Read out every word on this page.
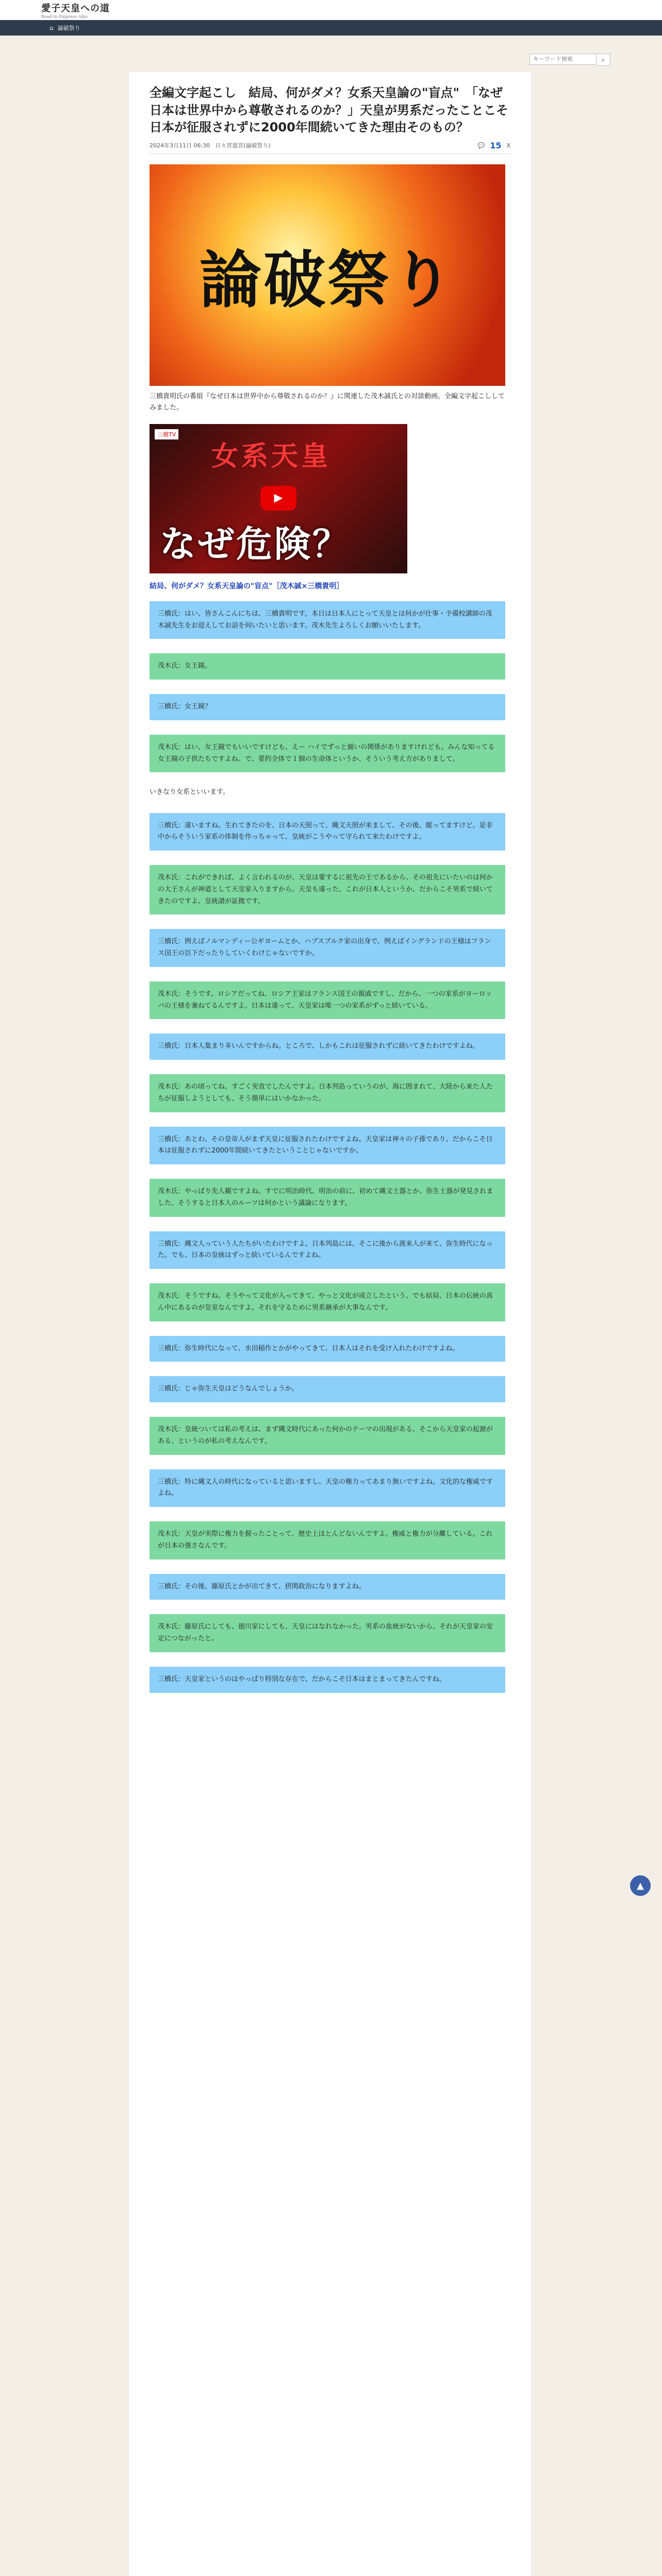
愛子天皇への道
Road to Empress Aiko
⌂ 論破祭り
キーワード検索
⌕
全編文字起こし　結局、何がダメ？女系天皇論の"盲点"　「なぜ日本は世界中から尊敬されるのか？」天皇が男系だったことこそ日本が征服されずに2000年間続いてきた理由そのもの？
2024年3月11日 06:30 日々宮道宮(論破祭り)	💬 15 X
論破祭り
三橋貴明氏の番組『なぜ日本は世界中から尊敬されるのか？』に関連した茂木誠氏との対談動画。全編文字起こししてみました。
三橋TV
女系天皇
▶
なぜ危険？
結局、何がダメ？女系天皇論の"盲点"［茂木誠×三橋貴明］
三橋氏：はい、皆さんこんにちは、三橋貴明です。本日は日本人にとって天皇とは何かが仕事・予備校講師の茂木誠先生をお迎えしてお話を伺いたいと思います。茂木先生よろしくお願いいたします。
茂木氏：女王鏡。
三橋氏：女王鏡？
茂木氏：はい、女王鏡でもいいですけども、えー ハイでずっと揃いの関係がありますけれども。みんな知ってる女王鏡の子供たちですよね。で、要約全体で１個の生命体というか、そういう考え方がありまして。
いきなり女系といいます。
三橋氏：違いますね。生れてきたのを、日本の天照って、縄文天照が来まして、その後、縦ってますけど。是非中からそういう家系の体制を作っちゃって、皇統がこうやって守られて来たわけですよ。
茂木氏：これができれば、よく言われるのが、天皇は要するに祖先の王であるから、その祖先にいたいのは何かの大王さんが神道として天皇家入りますから。天皇も違った、これが日本人というか、だからこそ男系で続いてきたのですよ。皇統譜が証拠です。
三橋氏：例えばノルマンディー公ギヨームとか、ハプスブルク家の出身で。例えばイングランドの王様はフランス国王の臣下だったりしていくわけじゃないですか。
茂木氏：そうです。ロシアだってね、ロシア王家はフランス国王の親戚ですし、だから、一つの家系がヨーロッパの王様を兼ねてるんですよ。日本は違って、天皇家は唯一つの家系がずっと続いている。
三橋氏：日本人集まり多いんですからね。ところで、しかもこれは征服されずに続いてきたわけですよね。
茂木氏：あの頃ってね、すごく実直でしたんですよ。日本列島っていうのが、海に囲まれて、大陸から来た人たちが征服しようとしても、そう簡単にはいかなかった。
三橋氏：あとわ、その皇帝人がまず天皇に征服されたわけですよね。天皇家は神々の子孫であり、だからこそ日本は征服されずに2000年間続いてきたということじゃないですか。
茂木氏：やっぱり先人観ですよね。すでに明治時代、明治の前に、初めて縄文土器とか、弥生土器が発見されました。そうすると日本人のルーツは何かという議論になります。
三橋氏：縄文人っていう人たちがいたわけですよ。日本列島には。そこに後から渡来人が来て、弥生時代になった。でも、日本の皇統はずっと続いているんですよね。
茂木氏：そうですね。そうやって文化が入ってきて、やっと文化が成立したという、でも結局、日本の伝統の真ん中にあるのが皇室なんですよ。それを守るために男系継承が大事なんです。
三橋氏：弥生時代になって、水田稲作とかがやってきて、日本人はそれを受け入れたわけですよね。
三橋氏：じゃ弥生天皇はどうなんでしょうか。
茂木氏：皇統ついては私の考えは、まず縄文時代にあった何かのテーマの出現がある、そこから天皇家の起源がある、というのが私の考えなんです。
三橋氏：特に縄文人の時代になっていると思いますし、天皇の権力ってあまり無いですよね。文化的な権威ですよね。
茂木氏：天皇が実際に権力を握ったことって、歴史上ほとんどないんですよ。権威と権力が分離している。これが日本の強さなんです。
三橋氏：その後、藤原氏とかが出てきて、摂関政治になりますよね。
茂木氏：藤原氏にしても、徳川家にしても、天皇にはなれなかった。男系の血統がないから。それが天皇家の安定につながったと。
三橋氏：天皇家というのはやっぱり特別な存在で、だからこそ日本はまとまってきたんですね。
▲
